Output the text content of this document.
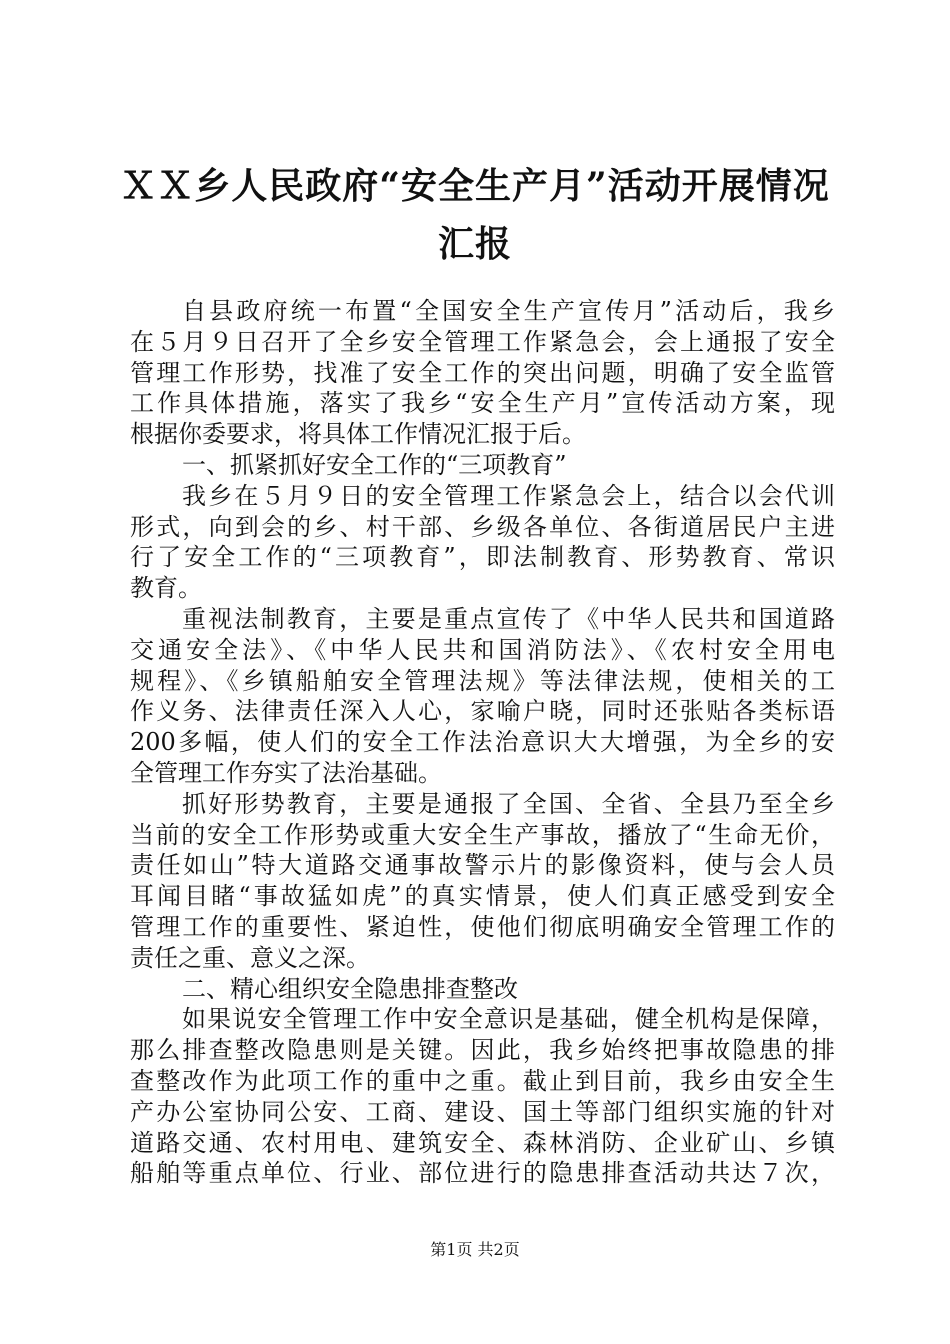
ＸＸ乡人民政府“安全生产月”活动开展情况
汇报
自县政府统一布置“全国安全生产宣传月”活动后，我乡
在５月９日召开了全乡安全管理工作紧急会，会上通报了安全
管理工作形势，找准了安全工作的突出问题，明确了安全监管
工作具体措施，落实了我乡“安全生产月”宣传活动方案，现
根据你委要求，将具体工作情况汇报于后。
一、抓紧抓好安全工作的“三项教育”
我乡在５月９日的安全管理工作紧急会上，结合以会代训
形式，向到会的乡、村干部、乡级各单位、各街道居民户主进
行了安全工作的“三项教育”，即法制教育、形势教育、常识
教育。
重视法制教育，主要是重点宣传了《中华人民共和国道路
交通安全法》、《中华人民共和国消防法》、《农村安全用电
规程》、《乡镇船舶安全管理法规》等法律法规，使相关的工
作义务、法律责任深入人心，家喻户晓，同时还张贴各类标语
200多幅，使人们的安全工作法治意识大大增强，为全乡的安
全管理工作夯实了法治基础。
抓好形势教育，主要是通报了全国、全省、全县乃至全乡
当前的安全工作形势或重大安全生产事故，播放了“生命无价，
责任如山”特大道路交通事故警示片的影像资料，使与会人员
耳闻目睹“事故猛如虎”的真实情景，使人们真正感受到安全
管理工作的重要性、紧迫性，使他们彻底明确安全管理工作的
责任之重、意义之深。
二、精心组织安全隐患排查整改
如果说安全管理工作中安全意识是基础，健全机构是保障，
那么排查整改隐患则是关键。因此，我乡始终把事故隐患的排
查整改作为此项工作的重中之重。截止到目前，我乡由安全生
产办公室协同公安、工商、建设、国土等部门组织实施的针对
道路交通、农村用电、建筑安全、森林消防、企业矿山、乡镇
船舶等重点单位、行业、部位进行的隐患排查活动共达７次，
第1页 共2页
